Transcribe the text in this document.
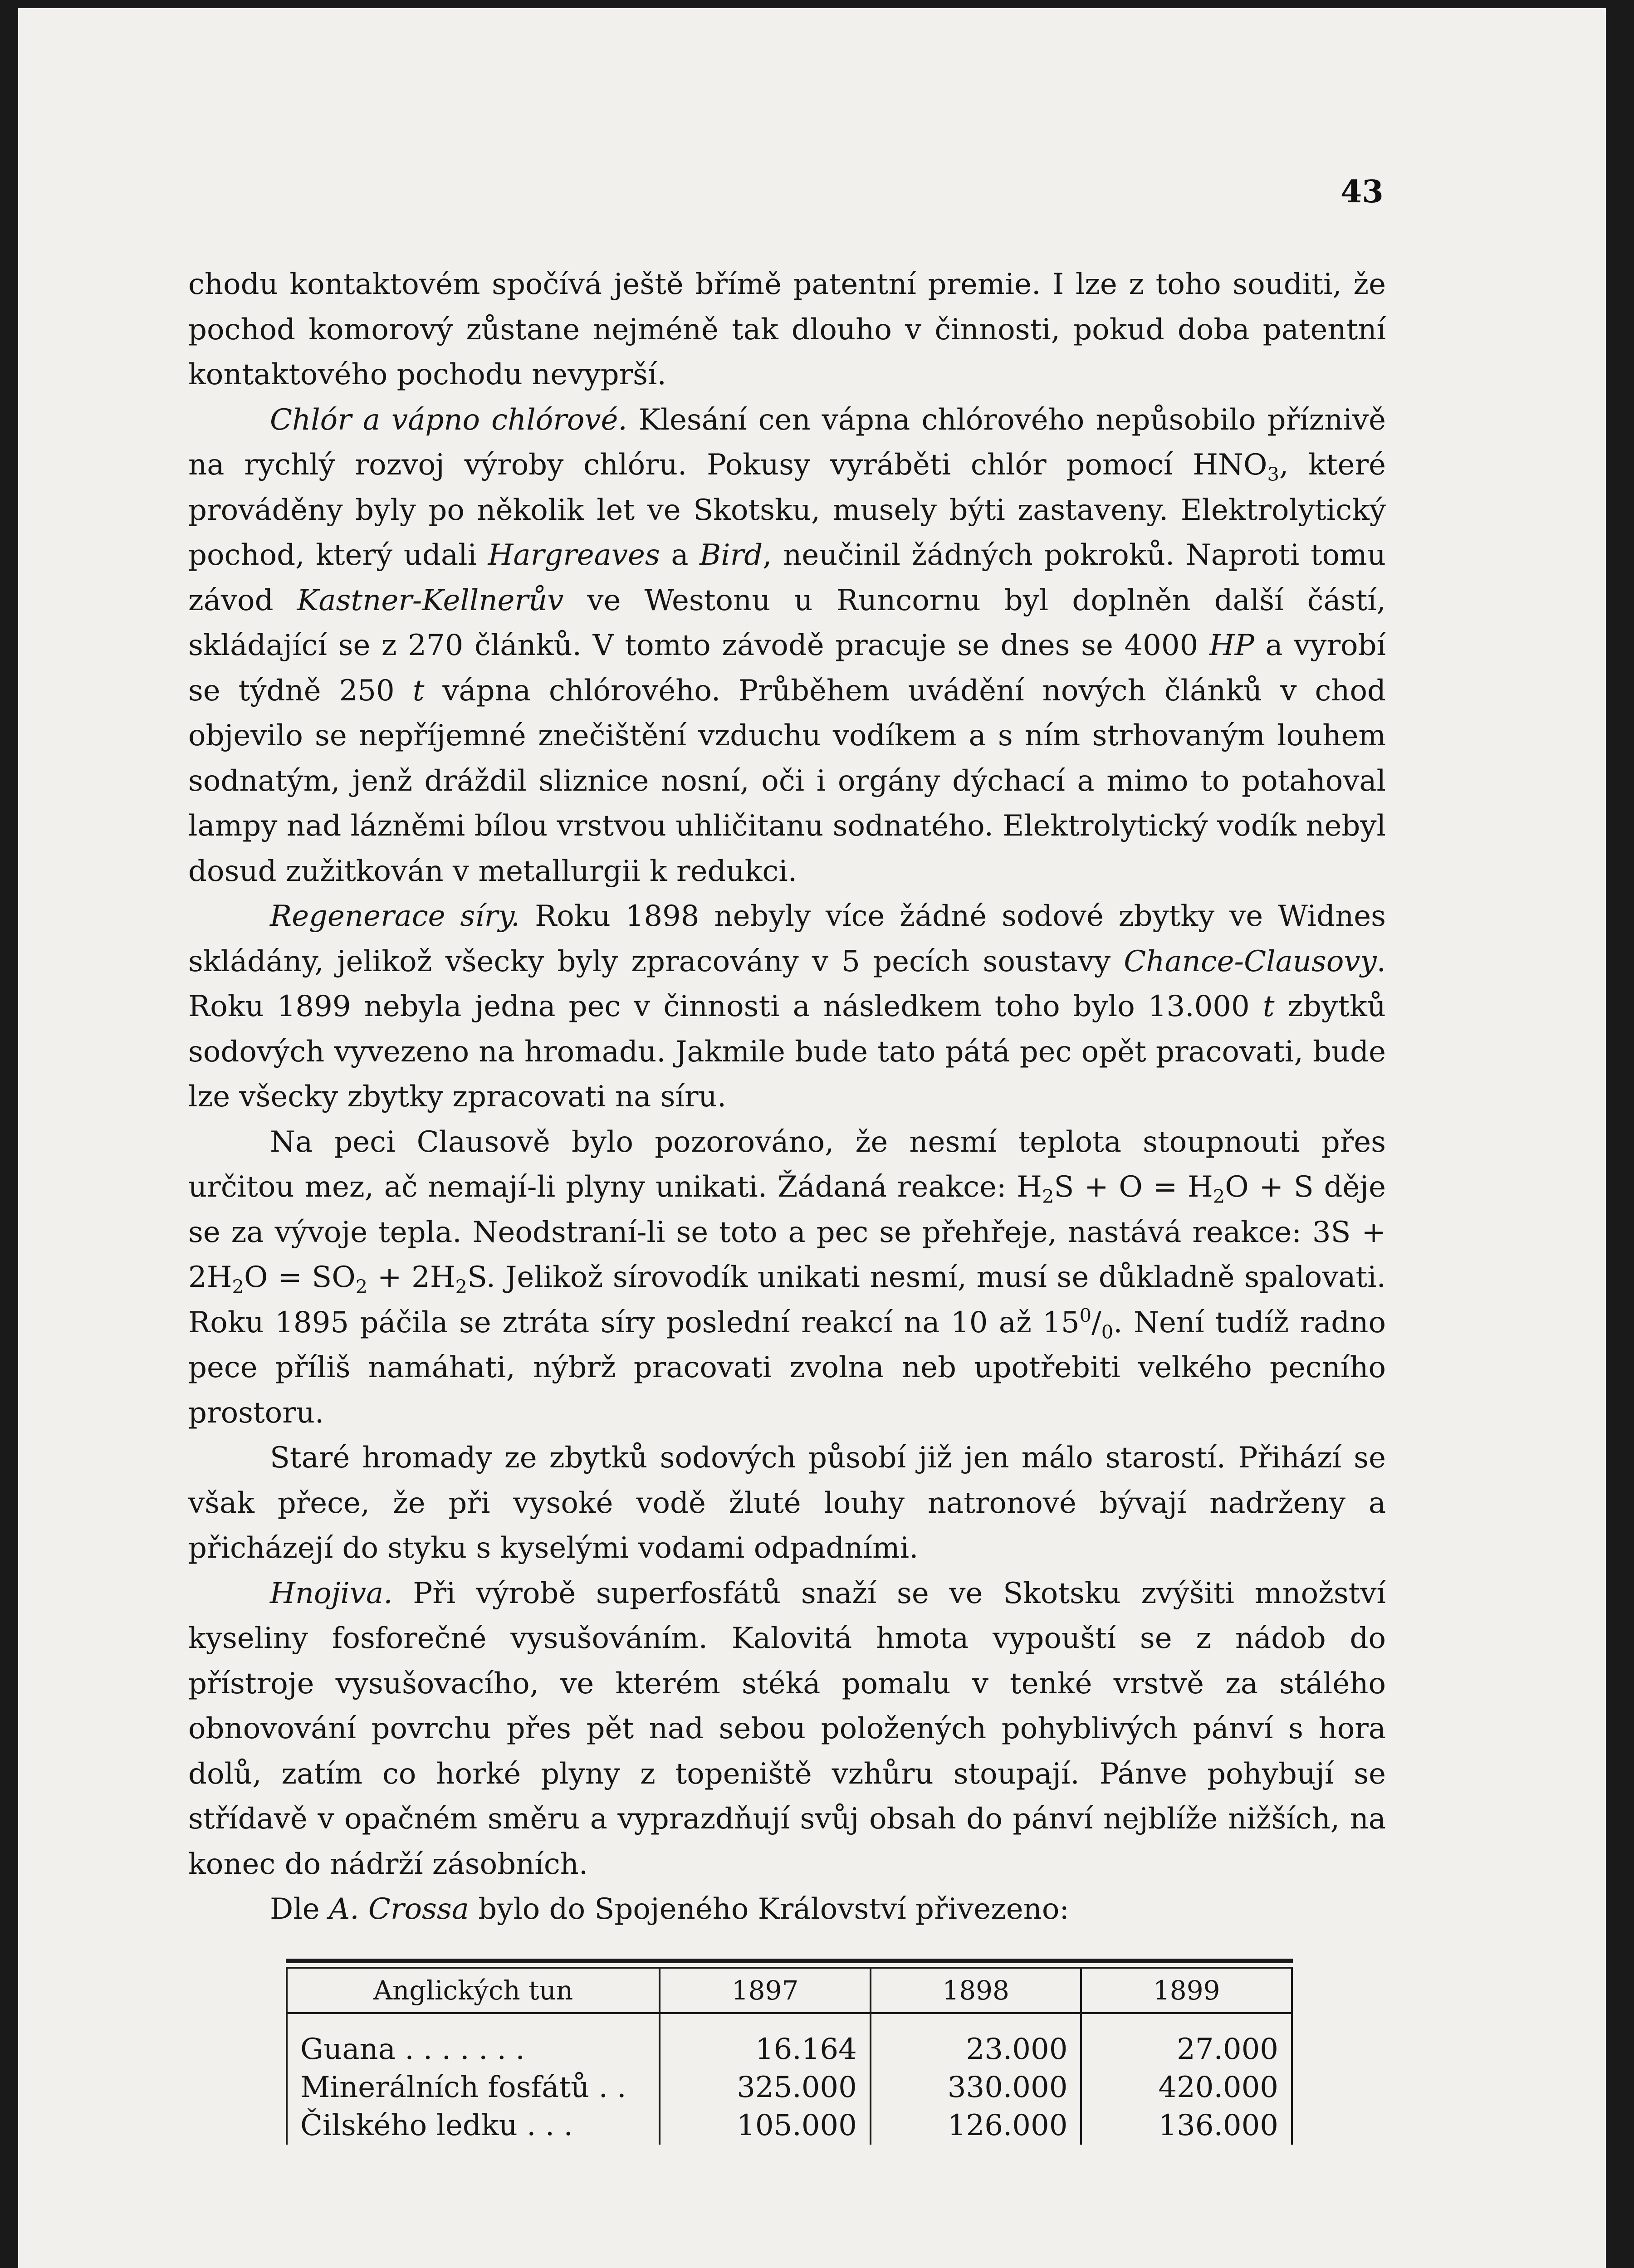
43

chodu kontaktovém spočívá ještě břímě patentní premie. I lze z toho souditi, že pochod komorový zůstane nejméně tak dlouho v činnosti, pokud doba patentní kontaktového pochodu nevyprší.

Chlór a vápno chlórové. Klesání cen vápna chlórového nepůsobilo příznivě na rychlý rozvoj výroby chlóru. Pokusy vyráběti chlór pomocí $HNO_3$, které prováděny byly po několik let ve Skotsku, musely býti zastaveny. Elektrolytický pochod, který udali Hargreaves a Bird, neučinil žádných pokroků. Naproti tomu závod Kastner-Kellnerův ve Westonu u Runcornu byl doplněn další částí, skládající se z 270 článků. V tomto závodě pracuje se dnes se 4000 HP a vyrobí se týdně 250 t vápna chlórového. Průběhem uvádění nových článků v chod objevilo se nepříjemné znečištění vzduchu vodíkem a s ním strhovaným louhem sodnatým, jenž dráždil sliznice nosní, oči i orgány dýchací a mimo to potahoval lampy nad lázněmi bílou vrstvou uhličitanu sodnatého. Elektrolytický vodík nebyl dosud zužitkován v metallurgii k redukci.

Regenerace síry. Roku 1898 nebyly více žádné sodové zbytky ve Widnes skládány, jelikož všecky byly zpracovány v 5 pecích soustavy Chance-Clausovy. Roku 1899 nebyla jedna pec v činnosti a následkem toho bylo 13.000 t zbytků sodových vyvezeno na hromadu. Jakmile bude tato pátá pec opět pracovati, bude lze všecky zbytky zpracovati na síru.

Na peci Clausově bylo pozorováno, že nesmí teplota stoupnouti přes určitou mez, ač nemají-li plyny unikati. Žádaná reakce: $H_2S + O = H_2O + S$ děje se za vývoje tepla. Neodstraní-li se toto a pec se přehřeje, nastává reakce: $3S + 2H_2O = SO_2 + 2H_2S$. Jelikož sírovodík unikati nesmí, musí se důkladně spalovati. Roku 1895 páčila se ztráta síry poslední reakcí na 10 až $15^0/_0$. Není tudíž radno pece příliš namáhati, nýbrž pracovati zvolna neb upotřebiti velkého pecního prostoru.

Staré hromady ze zbytků sodových působí již jen málo starostí. Přihází se však přece, že při vysoké vodě žluté louhy natronové bývají nadrženy a přicházejí do styku s kyselými vodami odpadními.

Hnojiva. Při výrobě superfosfátů snaží se ve Skotsku zvýšiti množství kyseliny fosforečné vysušováním. Kalovitá hmota vypouští se z nádob do přístroje vysušovacího, ve kterém stéká pomalu v tenké vrstvě za stálého obnovování povrchu přes pět nad sebou položených pohyblivých pánví s hora dolů, zatím co horké plyny z topeniště vzhůru stoupají. Pánve pohybují se střídavě v opačném směru a vyprazdňují svůj obsah do pánví nejblíže nižších, na konec do nádrží zásobních.

Dle A. Crossa bylo do Spojeného Království přivezeno:

Anglických tun	1897	1898	1899

Guana . . . . . . .	16.164	23.000	27.000
Minerálních fosfátů . .	325.000	330.000	420.000
Čilského ledku . . .	105.000	126.000	136.000
